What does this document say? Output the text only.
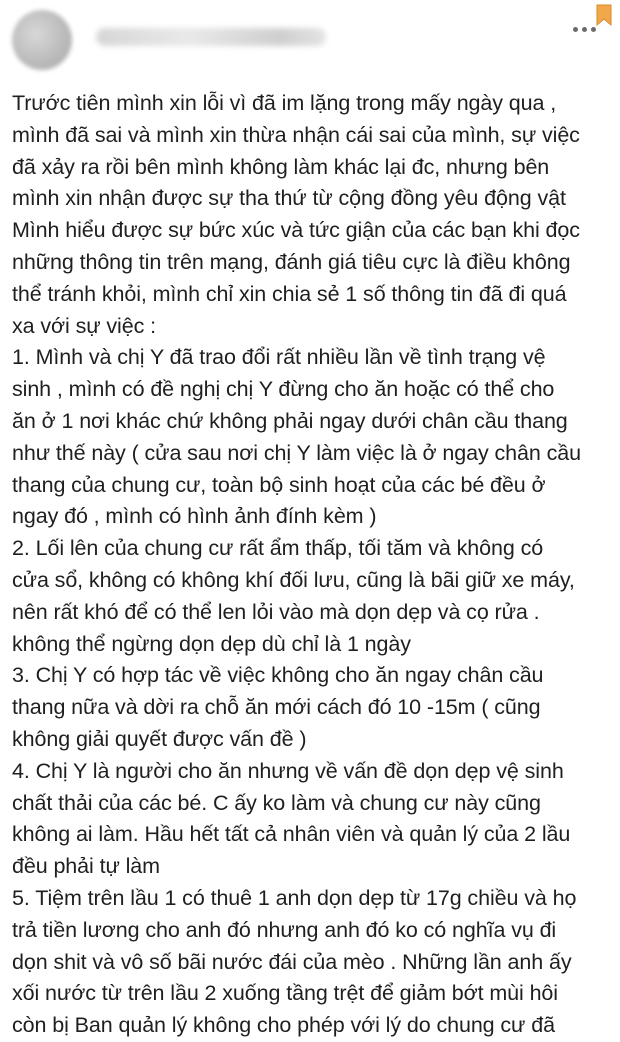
Trước tiên mình xin lỗi vì đã im lặng trong mấy ngày qua ,
mình đã sai và mình xin thừa nhận cái sai của mình, sự việc
đã xảy ra rồi bên mình không làm khác lại đc, nhưng bên
mình xin nhận được sự tha thứ từ cộng đồng yêu động vật
Mình hiểu được sự bức xúc và tức giận của các bạn khi đọc
những thông tin trên mạng, đánh giá tiêu cực là điều không
thể tránh khỏi, mình chỉ xin chia sẻ 1 số thông tin đã đi quá
xa với sự việc :
1. Mình và chị Y đã trao đổi rất nhiều lần về tình trạng vệ
sinh , mình có đề nghị chị Y đừng cho ăn hoặc có thể cho
ăn ở 1 nơi khác chứ không phải ngay dưới chân cầu thang
như thế này ( cửa sau nơi chị Y làm việc là ở ngay chân cầu
thang của chung cư, toàn bộ sinh hoạt của các bé đều ở
ngay đó , mình có hình ảnh đính kèm )
2. Lối lên của chung cư rất ẩm thấp, tối tăm và không có
cửa sổ, không có không khí đối lưu, cũng là bãi giữ xe máy,
nên rất khó để có thể len lỏi vào mà dọn dẹp và cọ rửa .
không thể ngừng dọn dẹp dù chỉ là 1 ngày
3. Chị Y có hợp tác về việc không cho ăn ngay chân cầu
thang nữa và dời ra chỗ ăn mới cách đó 10 -15m ( cũng
không giải quyết được vấn đề )
4. Chị Y là người cho ăn nhưng về vấn đề dọn dẹp vệ sinh
chất thải của các bé. C ấy ko làm và chung cư này cũng
không ai làm. Hầu hết tất cả nhân viên và quản lý của 2 lầu
đều phải tự làm
5. Tiệm trên lầu 1 có thuê 1 anh dọn dẹp từ 17g chiều và họ
trả tiền lương cho anh đó nhưng anh đó ko có nghĩa vụ đi
dọn shit và vô số bãi nước đái của mèo . Những lần anh ấy
xối nước từ trên lầu 2 xuống tầng trệt để giảm bớt mùi hôi
còn bị Ban quản lý không cho phép với lý do chung cư đã
